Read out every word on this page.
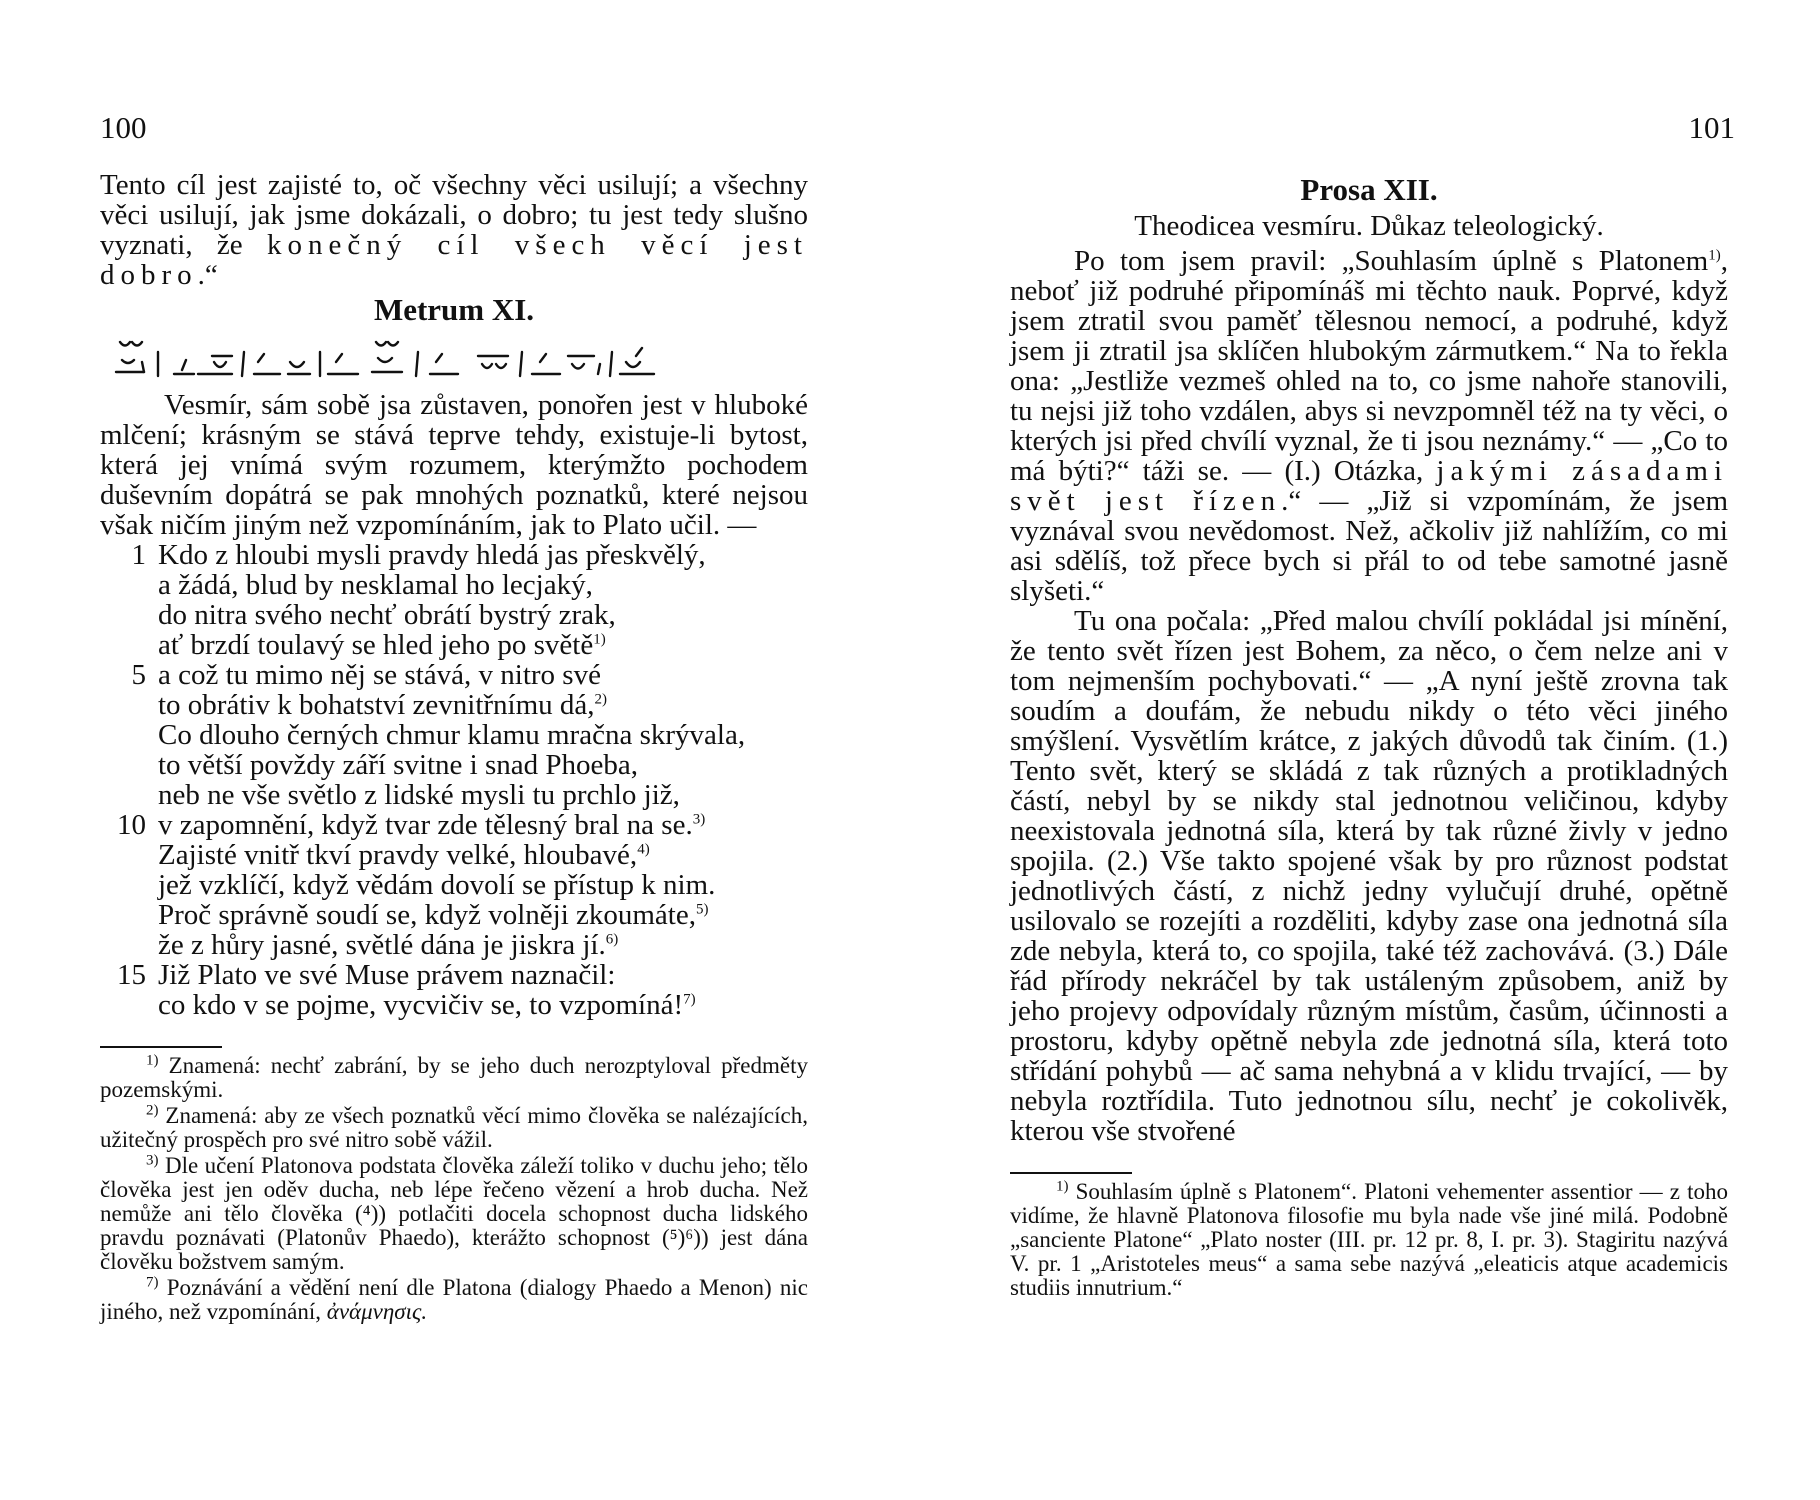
100

Tento cíl jest zajisté to, oč všechny věci usilují; a všechny věci usilují, jak jsme dokázali, o dobro; tu jest tedy slušno vyznati, že konečný cíl všech věcí jest dobro.“

Metrum XI.

Vesmír, sám sobě jsa zůstaven, ponořen jest v hluboké mlčení; krásným se stává teprve tehdy, existuje-li bytost, která jej vnímá svým rozumem, kterýmžto pochodem duševním dopátrá se pak mnohých poznatků, které nejsou však ničím jiným než vzpomínáním, jak to Plato učil. —

1 Kdo z hloubi mysli pravdy hledá jas přeskvělý,
a žádá, blud by nesklamal ho lecjaký,
do nitra svého nechť obrátí bystrý zrak,
ať brzdí toulavý se hled jeho po světě$^{1)}$
5 a což tu mimo něj se stává, v nitro své
to obrátiv k bohatství zevnitřnímu dá,$^{2)}$
Co dlouho černých chmur klamu mračna skrývala,
to větší povždy září svitne i snad Phoeba,
neb ne vše světlo z lidské mysli tu prchlo již,
10 v zapomnění, když tvar zde tělesný bral na se.$^{3)}$
Zajisté vnitř tkví pravdy velké, hloubavé,$^{4)}$
jež vzklíčí, když vědám dovolí se přístup k nim.
Proč správně soudí se, když volněji zkoumáte,$^{5)}$
že z hůry jasné, světlé dána je jiskra jí.$^{6)}$
15 Již Plato ve své Muse právem naznačil:
co kdo v se pojme, vycvičiv se, to vzpomíná!$^{7)}$

$^{1)}$ Znamená: nechť zabrání, by se jeho duch nerozptyloval předměty pozemskými.

$^{2)}$ Znamená: aby ze všech poznatků věcí mimo člověka se nalézajících, užitečný prospěch pro své nitro sobě vážil.

$^{3)}$ Dle učení Platonova podstata člověka záleží toliko v duchu jeho; tělo člověka jest jen oděv ducha, neb lépe řečeno vězení a hrob ducha. Než nemůže ani tělo člověka (⁴)) potlačiti docela schopnost ducha lidského pravdu poznávati (Platonův Phaedo), kterážto schopnost (⁵)⁶)) jest dána člověku božstvem samým.

$^{7)}$ Poznávání a vědění není dle Platona (dialogy Phaedo a Menon) nic jiného, než vzpomínání, ἀνάμνησις.

101
Prosa XII.
Theodicea vesmíru. Důkaz teleologický.

Po tom jsem pravil: „Souhlasím úplně s Platonem$^{1)}$, neboť již podruhé připomínáš mi těchto nauk. Poprvé, když jsem ztratil svou paměť tělesnou nemocí, a podruhé, když jsem ji ztratil jsa sklíčen hlubokým zármutkem.“ Na to řekla ona: „Jestliže vezmeš ohled na to, co jsme nahoře stanovili, tu nejsi již toho vzdálen, abys si nevzpomněl též na ty věci, o kterých jsi před chvílí vyznal, že ti jsou neznámy.“ — „Co to má býti?“ táži se. — (I.) Otázka, jakými zásadami svět jest řízen.“ — „Již si vzpomínám, že jsem vyznával svou nevědomost. Než, ačkoliv již nahlížím, co mi asi sdělíš, tož přece bych si přál to od tebe samotné jasně slyšeti.“

Tu ona počala: „Před malou chvílí pokládal jsi mínění, že tento svět řízen jest Bohem, za něco, o čem nelze ani v tom nejmenším pochybovati.“ — „A nyní ještě zrovna tak soudím a doufám, že nebudu nikdy o této věci jiného smýšlení. Vysvětlím krátce, z jakých důvodů tak činím. (1.) Tento svět, který se skládá z tak různých a protikladných částí, nebyl by se nikdy stal jednotnou veličinou, kdyby neexistovala jednotná síla, která by tak různé živly v jedno spojila. (2.) Vše takto spojené však by pro různost podstat jednotlivých částí, z nichž jedny vylučují druhé, opětně usilovalo se rozejíti a rozděliti, kdyby zase ona jednotná síla zde nebyla, která to, co spojila, také též zachovává. (3.) Dále řád přírody nekráčel by tak ustáleným způsobem, aniž by jeho projevy odpovídaly různým místům, časům, účinnosti a prostoru, kdyby opětně nebyla zde jednotná síla, která toto střídání pohybů — ač sama nehybná a v klidu trvající, — by nebyla roztřídila. Tuto jednotnou sílu, nechť je cokolivěk, kterou vše stvořené

$^{1)}$ Souhlasím úplně s Platonem“. Platoni vehementer assentior — z toho vidíme, že hlavně Platonova filosofie mu byla nade vše jiné milá. Podobně „sanciente Platone“ „Plato noster (III. pr. 12 pr. 8, I. pr. 3). Stagiritu nazývá V. pr. 1 „Aristoteles meus“ a sama sebe nazývá „eleaticis atque academicis studiis innutrium.“
